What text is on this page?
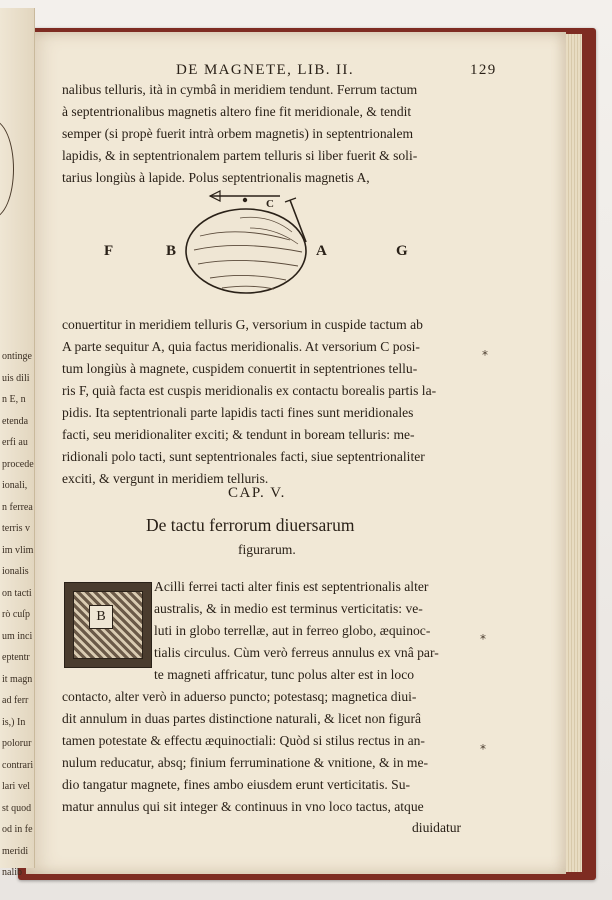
ontinge
uis dili
n E, n
etenda
erfi au
procede
ionali,
n ferrea
terris v
im vlim
ionalis
on tacti
rò cuſp
um inci
eptentr
it magn
ad ferr
is,) In
polorur
contrari
lari vel
st quod
od in fe
meridi
nalib
DE MAGNETE, LIB. II.	129
nalibus telluris, ità in cymbâ in meridiem tendunt. Ferrum tactum
à septentrionalibus magnetis altero fine fit meridionale, & tendit
semper (si propè fuerit intrà orbem magnetis) in septentrionalem
lapidis, & in septentrionalem partem telluris si liber fuerit & soli-
tarius longiùs à lapide. Polus septentrionalis magnetis A,
F	B
C
A	G
conuertitur in meridiem telluris G, versorium in cuspide tactum ab
A parte sequitur A, quia factus meridionalis. At versorium C posi-
tum longiùs à magnete, cuspidem conuertit in septentriones tellu-
ris F, quià facta est cuspis meridionalis ex contactu borealis partis la-
pidis. Ita septentrionali parte lapidis tacti fines sunt meridionales
facti, seu meridionaliter exciti; & tendunt in boream telluris: me-
ridionali polo tacti, sunt septentrionales facti, siue septentrionaliter
exciti, & vergunt in meridiem telluris.
CAP. V.
De tactu ferrorum diuersarum
figurarum.
B
Acilli ferrei tacti alter finis est septentrionalis alter
australis, & in medio est terminus verticitatis: ve-
luti in globo terrellæ, aut in ferreo globo, æquinoc-
tialis circulus. Cùm verò ferreus annulus ex vnâ par-
te magneti affricatur, tunc polus alter est in loco
contacto, alter verò in aduerso puncto; potestasq; magnetica diui-
dit annulum in duas partes distinctione naturali, & licet non figurâ
tamen potestate & effectu æquinoctiali: Quòd si stilus rectus in an-
nulum reducatur, absq; finium ferruminatione & vnitione, & in me-
dio tangatur magnete, fines ambo eiusdem erunt verticitatis. Su-
matur annulus qui sit integer & continuus in vno loco tactus, atque
diuidatur
*
*
*
